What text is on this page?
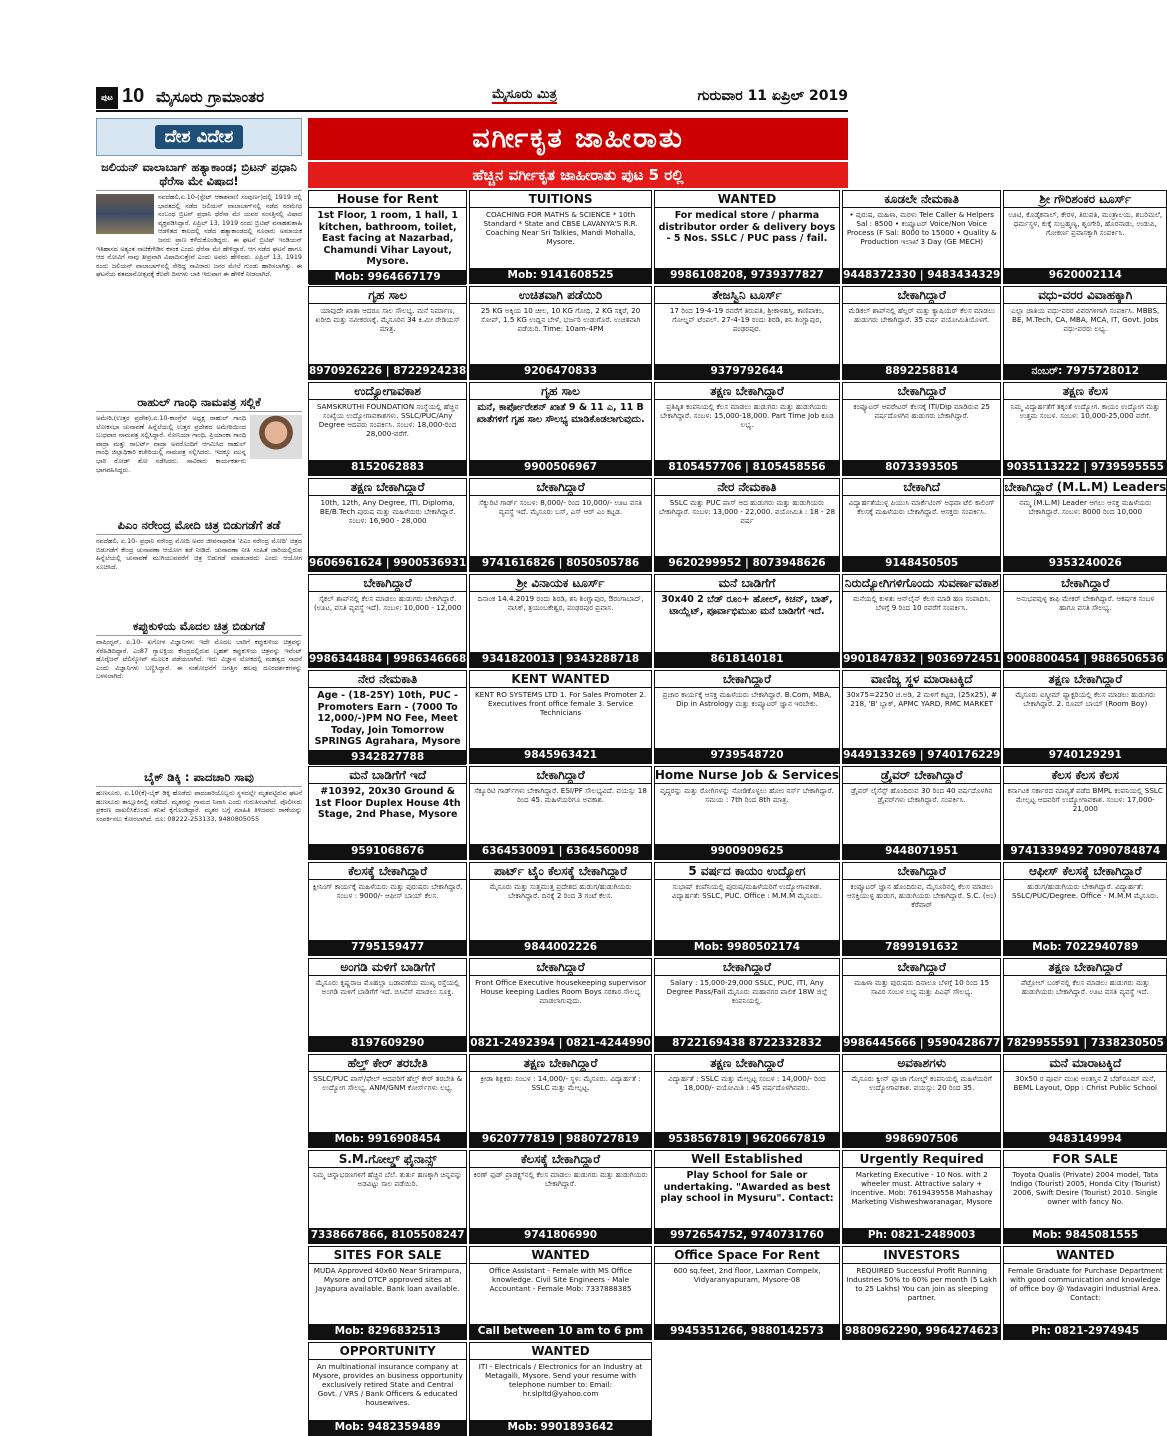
ಪುಟ 10 ಮೈಸೂರು ಗ್ರಾಮಾಂತರ	ಮೈಸೂರು ಮಿತ್ರ	ಗುರುವಾರ 11 ಏಪ್ರಿಲ್ 2019
ದೇಶ ವಿದೇಶ
ಜಲಿಯನ್ ವಾಲಾಬಾಗ್ ಹತ್ಯಾಕಾಂಡ; ಬ್ರಿಟನ್ ಪ್ರಧಾನಿ ಥೆರೆಸಾ ಮೇ ವಿಷಾದ!
ನವದೆಹಲಿ,ಏ.10-(ಸ್ಟೇಟ್ ಆಕಾಶವಾಣಿ ಸಂಪುರ್ಣ)ದಲ್ಲಿ 1919 ರಲ್ಲಿ ಭಾರತದಲ್ಲಿ ನಡೆದ ಜಲಿಯನ್ ವಾಲಾಬಾಗ್‌ನಲ್ಲಿ ನಡೆದ ನರಮೇಧ ಸಂಬಂಧ ಬ್ರಿಟನ್ ಪ್ರಧಾನಿ ಥೆರೆಸಾ ಮೇ ಯವರ ಸಂಸತ್ತಿನಲ್ಲಿ ವಿಷಾದ ವ್ಯಕ್ತಪಡಿಸಿದ್ದಾರೆ. ಏಪ್ರಿಲ್ 13, 1919 ರಂದು ಬ್ರಿಟಿಷ್ ವಸಾಹತುಶಾಹಿ ಆಡಳಿತದ ಕಾಲದಲ್ಲಿ ನಡೆದ ಹತ್ಯಾಕಾಂಡದಲ್ಲಿ ನೂರಾರು ಅಮಾಯಕ ಜನರು ಪ್ರಾಣ ಕಳೆದುಕೊಂಡಿದ್ದರು. ಈ ಘಟನೆ ಬ್ರಿಟಿಷ್ ಇಂಡಿಯನ್ ಇತಿಹಾಸದ ಅತ್ಯಂತ ನಾಚಿಕೆಗೇಡಿನ ಕಳಂಕ ಎಂದು ಥೆರೆಸಾ ಮೇ ಹೇಳಿದ್ದಾರೆ. ಆಗ ನಡೆದ ಘಟನೆ ಹಾಗೂ ಆದ ನೋವಿಗೆ ನಾವು ತೀವ್ರವಾಗಿ ವಿಷಾದಿಸುತ್ತೇವೆ ಎಂದು ಅವರು ಹೇಳಿದರು. ಏಪ್ರಿಲ್ 13, 1919 ರಂದು ಜಲಿಯನ್ ವಾಲಾಬಾಗ್‌ನಲ್ಲಿ ಸೇರಿದ್ದ ಸಾವಿರಾರು ಜನರ ಮೇಲೆ ಗುಂಡು ಹಾರಿಸಲಾಗಿತ್ತು. ಈ ಘಟನೆಯ ಶತಮಾನೋತ್ಸವಕ್ಕೆ ಕೆಲವೇ ದಿನಗಳು ಬಾಕಿ ಇರುವಾಗ ಈ ಹೇಳಿಕೆ ನೀಡಲಾಗಿದೆ.
ರಾಹುಲ್ ಗಾಂಧಿ ನಾಮಪತ್ರ ಸಲ್ಲಿಕೆ
ಅಮೇಠಿ,(ಉತ್ತರ ಪ್ರದೇಶ),ಏ.10-ಕಾಂಗ್ರೆಸ್ ಅಧ್ಯಕ್ಷ ರಾಹುಲ್ ಗಾಂಧಿ ಲೋಕಸಭಾ ಚುನಾವಣೆ ಹಿನ್ನೆಲೆಯಲ್ಲಿ ಉತ್ತರ ಪ್ರದೇಶದ ಅಮೇಠಿಯಿಂದ ಬುಧವಾರ ನಾಮಪತ್ರ ಸಲ್ಲಿಸಿದ್ದಾರೆ. ಸೋನಿಯಾ ಗಾಂಧಿ, ಪ್ರಿಯಾಂಕಾ ಗಾಂಧಿ ವಾದ್ರಾ ಮತ್ತು ರಾಬರ್ಟ್ ವಾದ್ರಾ ಅವರೊಂದಿಗೆ ಆಗಮಿಸಿದ ರಾಹುಲ್ ಗಾಂಧಿ ಜಿಲ್ಲಾಧಿಕಾರಿ ಕಚೇರಿಯಲ್ಲಿ ನಾಮಪತ್ರ ಸಲ್ಲಿಸಿದರು. ಇದಕ್ಕೂ ಮುನ್ನ ಭಾರಿ ರೋಡ್ ಶೋ ನಡೆಸಿದರು. ಸಾವಿರಾರು ಕಾರ್ಯಕರ್ತರು ಭಾಗವಹಿಸಿದ್ದರು.
ಪಿಎಂ ನರೇಂದ್ರ ಮೋದಿ ಚಿತ್ರ ಬಿಡುಗಡೆಗೆ ತಡೆ
ನವದೆಹಲಿ, ಏ.10- ಪ್ರಧಾನಿ ನರೇಂದ್ರ ಮೋದಿ ಅವರ ಜೀವನಾಧಾರಿತ 'ಪಿಎಂ ನರೇಂದ್ರ ಮೋದಿ' ಚಿತ್ರದ ಬಿಡುಗಡೆಗೆ ಕೇಂದ್ರ ಚುನಾವಣಾ ಆಯೋಗ ತಡೆ ನೀಡಿದೆ. ಚುನಾವಣಾ ನೀತಿ ಸಂಹಿತೆ ಜಾರಿಯಲ್ಲಿರುವ ಹಿನ್ನೆಲೆಯಲ್ಲಿ ಚುನಾವಣೆ ಮುಗಿಯುವವರೆಗೆ ಚಿತ್ರ ಬಿಡುಗಡೆ ಮಾಡಬಾರದು ಎಂದು ಆಯೋಗ ಸೂಚಿಸಿದೆ.
ಕಪ್ಪುಕುಳಿಯ ಮೊದಲ ಚಿತ್ರ ಬಿಡುಗಡೆ
ವಾಷಿಂಗ್ಟನ್, ಏ.10- ಖಗೋಳ ವಿಜ್ಞಾನಿಗಳು ಇದೇ ಮೊದಲ ಬಾರಿಗೆ ಕಪ್ಪುಕುಳಿಯ ಚಿತ್ರವನ್ನು ಸೆರೆಹಿಡಿದಿದ್ದಾರೆ. ಎಂ87 ಗ್ಯಾಲಕ್ಸಿಯ ಕೇಂದ್ರದಲ್ಲಿರುವ ಬೃಹತ್ ಕಪ್ಪುಕುಳಿಯ ಚಿತ್ರವನ್ನು ಇವೆಂಟ್ ಹೊರೈಜನ್ ಟೆಲಿಸ್ಕೋಪ್ ಮೂಲಕ ಪಡೆಯಲಾಗಿದೆ. ಇದು ವಿಜ್ಞಾನ ಲೋಕದಲ್ಲಿ ಮಹತ್ವದ ಸಾಧನೆ ಎಂದು ವಿಜ್ಞಾನಿಗಳು ಬಣ್ಣಿಸಿದ್ದಾರೆ. ಈ ಸಂಶೋಧನೆಗೆ ಜಗತ್ತಿನ ಹಲವು ದೂರದರ್ಶಕಗಳನ್ನು ಬಳಸಲಾಗಿದೆ.
ಬೈಕ್ ಡಿಕ್ಕಿ : ಪಾದಚಾರಿ ಸಾವು
ಹುಣಸೂರು, ಏ.10(ಕೆ)-ಬೈಕ್ ಡಿಕ್ಕಿ ಹೊಡೆದು ಪಾದಚಾರಿಯೊಬ್ಬರು ಸ್ಥಳದಲ್ಲೇ ಮೃತಪಟ್ಟಿರುವ ಘಟನೆ ಹುಣಸೂರು ತಾಲ್ಲೂಕಿನಲ್ಲಿ ನಡೆದಿದೆ. ಮೃತರನ್ನು ಗ್ರಾಮದ ನಿವಾಸಿ ಎಂದು ಗುರುತಿಸಲಾಗಿದೆ. ಪೊಲೀಸರು ಪ್ರಕರಣ ದಾಖಲಿಸಿಕೊಂಡು ತನಿಖೆ ಕೈಗೊಂಡಿದ್ದಾರೆ. ಮೃತರ ಬಗ್ಗೆ ಮಾಹಿತಿ ತಿಳಿದವರು ಠಾಣೆಯನ್ನು ಸಂಪರ್ಕಿಸಲು ಕೋರಲಾಗಿದೆ. ದೂ: 08222-253133, 9480805055
ವರ್ಗೀಕೃತ ಜಾಹೀರಾತು
ಹೆಚ್ಚಿನ ವರ್ಗೀಕೃತ ಜಾಹೀರಾತು ಪುಟ 5 ರಲ್ಲಿ
House for Rent
1st Floor, 1 room, 1 hall, 1 kitchen, bathroom, toilet, East facing at Nazarbad, Chamundi Vihar Layout, Mysore.
Mob: 9964667179
TUITIONS
COACHING FOR MATHS & SCIENCE * 10th Standard * State and CBSE LAVANYA'S R.R. Coaching Near Sri Talkies, Mandi Mohalla, Mysore.
Mob: 9141608525
WANTED
For medical store / pharma distributor order & delivery boys - 5 Nos. SSLC / PUC pass / fail.
9986108208, 9739377827
ಕೂಡಲೇ ನೇಮಕಾತಿ
• ಪುರುಷ, ಮಹಿಳಾ, ಮರಳು Tele Caller & Helpers Sal : 8500 • ಕಂಪ್ಯೂಟರ್ Voice/Non Voice Process (F Sal: 8000 to 15000 • Quality & Production ಇಲಾಖೆ 3 Day (GE MECH)
9448372330 | 9483434329
ಶ್ರೀ ಗೌರಿಶಂಕರ ಟೂರ್ಸ್
ಊಟಿ, ಕೊಡೈಕನಾಲ್, ಕೇರಳ, ತಿರುಪತಿ, ಮಂತ್ರಾಲಯ, ಶಬರಿಮಲೆ, ಧರ್ಮಸ್ಥಳ, ಕುಕ್ಕೆ ಸುಬ್ರಹ್ಮಣ್ಯ, ಶೃಂಗೇರಿ, ಹೊರನಾಡು, ಉಡುಪಿ, ಗೋಕರ್ಣ ಪ್ರವಾಸಕ್ಕಾಗಿ ಸಂಪರ್ಕಿಸಿ.
9620002114
ಗೃಹ ಸಾಲ
ಯಾವುದೇ ಖಾತಾ ಆದರೂ ಸಾಲ ಸೌಲಭ್ಯ. ಮನೆ ನಿರ್ಮಾಣ, ಖರೀದಿ ಮತ್ತು ನವೀಕರಣಕ್ಕೆ. ಮೈಸೂರಿನ 34 ಕಿ.ಮೀ ರೇಡಿಯಸ್ ಮಾತ್ರ.
8970926226 | 8722924238
ಉಚಿತವಾಗಿ ಪಡೆಯಿರಿ
25 KG ಅಕ್ಕಿಯ 10 ಚೀಲ, 10 KG ಗೋಧಿ, 2 KG ಸಕ್ಕರೆ, 20 ಸೋಪ್, 1.5 KG ಉದ್ದಿನ ಬೇಳೆ, ಭರ್ಜರಿ ಉಡುಗೊರೆ. ಉಚಿತವಾಗಿ ಪಡೆಯಿರಿ. Time: 10am-4PM
9206470833
ತೇಜಸ್ವಿನಿ ಟೂರ್ಸ್
17 ರಿಂದ 19-4-19 ರವರೆಗೆ ತಿರುಪತಿ, ಶ್ರೀಕಾಳಹಸ್ತಿ, ಕಾಣಿಪಾಕಂ, ಗೋಲ್ಡನ್ ಟೆಂಪಲ್. 27-4-19 ರಂದು ಶಿರಡಿ, ಶನಿ ಶಿಂಗ್ಣಾಪುರ, ಪಂಢರಪುರ.
9379792644
ಬೇಕಾಗಿದ್ದಾರೆ
ಮೆಡಿಕಲ್ ಶಾಪ್‌ನಲ್ಲಿ ಹೆಲ್ಪರ್ ಮತ್ತು ಕ್ಯಾಷಿಯರ್ ಕೆಲಸ ಮಾಡಲು ಹುಡುಗರು ಬೇಕಾಗಿದ್ದಾರೆ. 35 ವರ್ಷ ವಯೋಮಿತಿಯೊಳಗೆ.
8892258814
ವಧು-ವರರ ವಿವಾಹಕ್ಕಾಗಿ
ಎಲ್ಲಾ ಜಾತಿಯ ವಧು-ವರರ ವಿವರಗಳಿಗಾಗಿ ಸಂಪರ್ಕಿಸಿ. MBBS, BE, M.Tech, CA, MBA, MCA, IT, Govt. Jobs ವಧು-ವರರು ಲಭ್ಯ.
ನಂಬರ್: 7975728012
ಉದ್ಯೋಗಾವಕಾಶ
SAMSKRUTHI FOUNDATION ಸಂಸ್ಥೆಯಲ್ಲಿ ಹೆಚ್ಚಿನ ಸಂಖ್ಯೆಯ ಉದ್ಯೋಗಾವಕಾಶಗಳು. SSLC/PUC/Any Degree ಆದವರು ಸಂಪರ್ಕಿಸಿ. ಸಂಬಳ: 18,000-ರಿಂದ 28,000-ವರೆಗೆ.
8152062883
ಗೃಹ ಸಾಲ
ಮನೆ, ಕಾರ್ಪೋರೇಶನ್ ಖಾತೆ 9 & 11 ಎ, 11 B ಖಾತೆಗಳಿಗೆ ಗೃಹ ಸಾಲ ಸೌಲಭ್ಯ ಮಾಡಿಕೊಡಲಾಗುವುದು.
9900506967
ತಕ್ಷಣ ಬೇಕಾಗಿದ್ದಾರೆ
ಪ್ರತಿಷ್ಠಿತ ಕಂಪನಿಯಲ್ಲಿ ಕೆಲಸ ಮಾಡಲು ಹುಡುಗರು ಮತ್ತು ಹುಡುಗಿಯರು ಬೇಕಾಗಿದ್ದಾರೆ. ಸಂಬಳ: 15,000-18,000. Part Time Job ಕೂಡ ಲಭ್ಯ.
8105457706 | 8105458556
ಬೇಕಾಗಿದ್ದಾರೆ
ಕಂಪ್ಯೂಟರ್ ಆಪರೇಟರ್ ಕೆಲಸಕ್ಕೆ ITI/Dip ಮಾಡಿರುವ 25 ವರ್ಷದೊಳಗಿನ ಹುಡುಗರು ಬೇಕಾಗಿದ್ದಾರೆ.
8073393505
ತಕ್ಷಣ ಕೆಲಸ
ನಿಮ್ಮ ವಿದ್ಯಾರ್ಹತೆಗೆ ತಕ್ಕಂತೆ ಉದ್ಯೋಗ. ಕಾಯಂ ಉದ್ಯೋಗ ಮತ್ತು ಉತ್ತಮ ಸಂಬಳ. ಸಂಬಳ: 10,000-25,000 ವರೆಗೆ.
9035113222 | 9739595555
ತಕ್ಷಣ ಬೇಕಾಗಿದ್ದಾರೆ
10th, 12th, Any Degree, ITI, Diploma, BE/B.Tech ಪುರುಷ ಮತ್ತು ಮಹಿಳೆಯರು ಬೇಕಾಗಿದ್ದಾರೆ. ಸಂಬಳ: 16,900 - 28,000
9606961624 | 9900536931
ಬೇಕಾಗಿದ್ದಾರೆ
ಸೆಕ್ಯುರಿಟಿ ಗಾರ್ಡ್ ಸಂಬಳ: 8,000/- ರಿಂದ 10,000/- ಊಟ ವಸತಿ ವ್ಯವಸ್ಥೆ ಇದೆ. ಮೈಸೂರು ಬಸ್, ಎಸ್ ಆರ್ ಎಂ ಕಟ್ಟಡ.
9741616826 | 8050505786
ನೇರ ನೇಮಕಾತಿ
SSLC ಮತ್ತು PUC ಪಾಸ್ ಆದ ಹುಡುಗರು ಮತ್ತು ಹುಡುಗಿಯರು ಬೇಕಾಗಿದ್ದಾರೆ. ಸಂಬಳ: 13,000 - 22,000. ವಯೋಮಿತಿ : 18 - 28 ವರ್ಷ
9620299952 | 8073948626
ಬೇಕಾಗಿದೆ
ವಿದ್ಯಾರ್ಹತೆಯುಳ್ಳ ಪಿಯುಸಿ ಮಾರ್ಕೆಟಿಂಗ್ ಅಥವಾ ಟೆಲಿ ಕಾಲಿಂಗ್ ಕೆಲಸಕ್ಕೆ ಮಹಿಳೆಯರು ಬೇಕಾಗಿದ್ದಾರೆ. ಆಸಕ್ತರು ಸಂಪರ್ಕಿಸಿ.
9148450505
ಬೇಕಾಗಿದ್ದಾರೆ (M.L.M) Leaders
ನಮ್ಮ (M.L.M) Leader ಆಗಲು ಆಸಕ್ತ ಮಹಿಳೆಯರು ಬೇಕಾಗಿದ್ದಾರೆ. ಸಂಬಳ: 8000 ರಿಂದ 10,000
9353240026
ಬೇಕಾಗಿದ್ದಾರೆ
ಸೈಕಲ್ ಶಾಪ್‌ನಲ್ಲಿ ಕೆಲಸ ಮಾಡಲು ಹುಡುಗರು ಬೇಕಾಗಿದ್ದಾರೆ. (ಊಟ, ವಸತಿ ವ್ಯವಸ್ಥೆ ಇದೆ). ಸಂಬಳ: 10,000 - 12,000
9986344884 | 9986346668
ಶ್ರೀ ವಿನಾಯಕ ಟೂರ್ಸ್
ದಿನಾಂಕ 14.4.2019 ರಂದು ಶಿರಡಿ, ಶನಿ ಶಿಂಗ್ಣಾಪುರ, ಔರಂಗಾಬಾದ್, ನಾಸಿಕ್, ತ್ರಯಂಬಕೇಶ್ವರ, ಪಂಢರಪುರ ಪ್ರವಾಸ.
9341820013 | 9343288718
ಮನೆ ಬಾಡಿಗೆಗೆ
30x40 2 ಬೆಡ್ ರೂಂ+ ಹೋಲ್, ಕಿಚನ್, ಬಾತ್, ಟಾಯ್ಲೆಟ್, ಪೂರ್ವಾಭಿಮುಖ ಮನೆ ಬಾಡಿಗೆಗೆ ಇದೆ.
8618140181
ನಿರುದ್ಯೋಗಿಗಳಿಗೊಂದು ಸುವರ್ಣಾವಕಾಶ
ಮನೆಯಲ್ಲಿ ಕುಳಿತು ಆನ್‌ಲೈನ್ ಕೆಲಸ ಮಾಡಿ ಹಣ ಸಂಪಾದಿಸಿ. ಬೆಳಗ್ಗೆ 9 ರಿಂದ 10 ರವರೆಗೆ ಸಂಪರ್ಕಿಸಿ.
9901847832 | 9036972451
ಬೇಕಾಗಿದ್ದಾರೆ
ಅನುಭವವುಳ್ಳ ಕಾಫಿ ಮೇಕರ್ ಬೇಕಾಗಿದ್ದಾರೆ. ಆಕರ್ಷಕ ಸಂಬಳ ಹಾಗೂ ವಸತಿ ಸೌಲಭ್ಯ.
9008800454 | 9886506536
ನೇರ ನೇಮಕಾತಿ
Age - (18-25Y) 10th, PUC - Promoters Earn - (7000 To 12,000/-)PM NO Fee, Meet Today, Join Tomorrow SPRINGS Agrahara, Mysore
9342827788
KENT WANTED
KENT RO SYSTEMS LTD 1. For Sales Promoter 2. Executives front office female 3. Service Technicians
9845963421
ಬೇಕಾಗಿದ್ದಾರೆ
ಪ್ರಚಾರ ಕಾರ್ಯಕ್ಕೆ ಆಸಕ್ತ ಮಹಿಳೆಯರು ಬೇಕಾಗಿದ್ದಾರೆ. B.Com, MBA, Dip in Astrology ಮತ್ತು ಕಂಪ್ಯೂಟರ್ ಜ್ಞಾನ ಇರಬೇಕು.
9739548720
ವಾಣಿಜ್ಯ ಸ್ಥಳ ಮಾರಾಟಕ್ಕಿದೆ
30x75=2250 ಚ.ಅಡಿ, 2 ಮಳಿಗೆ ಕಟ್ಟಡ, (25x25), # 218, 'B' ಬ್ಲಾಕ್, APMC YARD, RMC MARKET
9449133269 | 9740176229
ತಕ್ಷಣ ಬೇಕಾಗಿದ್ದಾರೆ
ಮೈಸೂರು ಐಸ್ಕ್ರೀಮ್ ಫ್ಯಾಕ್ಟರಿಯಲ್ಲಿ ಕೆಲಸ ಮಾಡಲು ಹುಡುಗರು ಬೇಕಾಗಿದ್ದಾರೆ. 2. ರೂಮ್ ಬಾಯ್ (Room Boy)
9740129291
ಮನೆ ಬಾಡಿಗೆಗೆ ಇದೆ
#10392, 20x30 Ground & 1st Floor Duplex House 4th Stage, 2nd Phase, Mysore
9591068676
ಬೇಕಾಗಿದ್ದಾರೆ
ಸೆಕ್ಯೂರಿಟಿ ಗಾರ್ಡ್‌ಗಳು ಬೇಕಾಗಿದ್ದಾರೆ. ESI/PF ಸೌಲಭ್ಯವಿದೆ. ವಯಸ್ಸು 18 ರಿಂದ 45. ಮಹಿಳೆಯರಿಗೂ ಅವಕಾಶ.
6364530091 | 6364560098
Home Nurse Job & Services
ವೃದ್ಧರನ್ನು ಮತ್ತು ರೋಗಿಗಳನ್ನು ನೋಡಿಕೊಳ್ಳಲು ಹೋಂ ನರ್ಸ್ ಬೇಕಾಗಿದ್ದಾರೆ. ಸಮಯ : 7th ರಿಂದ 8th ಮಾತ್ರ.
9900909625
ಡ್ರೈವರ್ ಬೇಕಾಗಿದ್ದಾರೆ
ಡ್ರೈವರ್ ಲೈಸೆನ್ಸ್ ಹೊಂದಿರುವ 30 ರಿಂದ 40 ವರ್ಷದೊಳಗಿನ ಡ್ರೈವರ್‌ಗಳು ಬೇಕಾಗಿದ್ದಾರೆ. ಸಂಪರ್ಕಿಸಿ.
9448071951
ಕೆಲಸ ಕೆಲಸ ಕೆಲಸ
ಕರ್ನಾಟಕ ಸರ್ಕಾರದ ಮಾನ್ಯತೆ ಪಡೆದ BMPL ಕಂಪನಿಯಲ್ಲಿ SSLC ಮೇಲ್ಪಟ್ಟ ಆದವರಿಗೆ ಉದ್ಯೋಗಾವಕಾಶ. ಸಂಬಳ: 17,000-21,000
9741339492 7090784874
ಕೆಲಸಕ್ಕೆ ಬೇಕಾಗಿದ್ದಾರೆ
ಕ್ಲೀನಿಂಗ್ ಕಾರ್ಯಕ್ಕೆ ಮಹಿಳೆಯರು ಮತ್ತು ಪುರುಷರು ಬೇಕಾಗಿದ್ದಾರೆ. ಸಂಬಳ : 9000/- ಆಫೀಸ್ ಬಾಯ್ ಕೆಲಸ.
7795159477
ಪಾರ್ಟ್ ಟೈಂ ಕೆಲಸಕ್ಕೆ ಬೇಕಾಗಿದ್ದಾರೆ
ಮೈಸೂರು ಮತ್ತು ಸುತ್ತಮುತ್ತ ಪ್ರದೇಶದ ಹುಡುಗ/ಹುಡುಗಿಯರು ಬೇಕಾಗಿದ್ದಾರೆ. ದಿನಕ್ಕೆ 2 ರಿಂದ 3 ಗಂಟೆ ಕೆಲಸ.
9844002226
5 ವರ್ಷದ ಕಾಯಂ ಉದ್ಯೋಗ
ಸುಭಾಷ್ ಕಂಪೆನಿಯಲ್ಲಿ ಪುರುಷ/ಮಹಿಳೆಯರಿಗೆ ಉದ್ಯೋಗಾವಕಾಶ. ವಿದ್ಯಾರ್ಹತೆ: SSLC, PUC. Office : M.M.M ಮೈಸೂರು.
Mob: 9980502174
ಬೇಕಾಗಿದ್ದಾರೆ
ಕಂಪ್ಯೂಟರ್ ಜ್ಞಾನ ಹೊಂದಿರುವ, ಮೈಸೂರಿನಲ್ಲಿ ಕೆಲಸ ಮಾಡಲು ಆಸಕ್ತಿಯುಳ್ಳ ಹುಡುಗ, ಹುಡುಗಿಯರು ಬೇಕಾಗಿದ್ದಾರೆ. S.C. (ಅಂ) ಕೆರೆವಾರ್
7899191632
ಆಫೀಸ್ ಕೆಲಸಕ್ಕೆ ಬೇಕಾಗಿದ್ದಾರೆ
ಹುಡುಗ/ಹುಡುಗಿಯರು ಬೇಕಾಗಿದ್ದಾರೆ. ವಿದ್ಯಾರ್ಹತೆ: SSLC/PUC/Degree. Office - M.M.M ಮೈಸೂರು.
Mob: 7022940789
ಅಂಗಡಿ ಮಳಿಗೆ ಬಾಡಿಗೆಗೆ
ಮೈಸೂರು ಕೃಷ್ಣರಾಜ ಮೊಹಲ್ಲಾ ಬಡಾವಣೆಯ ಮುಖ್ಯ ರಸ್ತೆಯಲ್ಲಿ ಅಂಗಡಿ ಮಳಿಗೆ ಬಾಡಿಗೆಗೆ ಇದೆ. ಬಿಸಿನೆಸ್ ಮಾಡಲು ಸೂಕ್ತ.
8197609290
ಬೇಕಾಗಿದ್ದಾರೆ
Front Office Executive housekeeping supervisor House keeping Ladies Room Boys ಸರಕಾರ ಸೌಲಭ್ಯ ಮಾಡಲಾಗುವುದು.
0821-2492394 | 0821-4244990
ಬೇಕಾಗಿದ್ದಾರೆ
Salary : 15,000-29,000 SSLC, PUC, ITI, Any Degree Pass/Fail ಮೈಸೂರು ಮಹಾನಗರ ಪಾಲಿಕೆ 18W ಜಿಲ್ಲೆ ಕಂಪನಿಯಲ್ಲಿ.
8722169438 8722332832
ಬೇಕಾಗಿದ್ದಾರೆ
ಮಹಿಳಾ ಮತ್ತು ಪುರುಷರು ದಿನಾಲೂ ಬೆಳಗ್ಗೆ 10 ರಿಂದ 15 ಸಾವಿರ ಸಂಬಳ ಲಭ್ಯ ಮತ್ತು ಪಿಎಫ್ ಸೌಲಭ್ಯ.
9986445666 | 9590428677
ತಕ್ಷಣ ಬೇಕಾಗಿದ್ದಾರೆ
ಪೆಟ್ರೋಲ್ ಬಂಕ್‌ನಲ್ಲಿ ಕೆಲಸ ಮಾಡಲು ಹುಡುಗರು ಮತ್ತು ಹುಡುಗಿಯರು ಬೇಕಾಗಿದ್ದಾರೆ. ಊಟ ವಸತಿ ವ್ಯವಸ್ಥೆ ಇದೆ.
7829955591 | 7338230505
ಹೆಲ್ತ್ ಕೇರ್ ತರಬೇತಿ
SSLC/PUC ಪಾಸ್/ಫೇಲ್ ಆದವರಿಗೆ ಹೆಲ್ತ್ ಕೇರ್ ತರಬೇತಿ & ಉದ್ಯೋಗ ಸೌಲಭ್ಯ. ANM/GNM ಕೋರ್ಸ್‌ಗಳು ಲಭ್ಯ.
Mob: 9916908454
ತಕ್ಷಣ ಬೇಕಾಗಿದ್ದಾರೆ
ಕ್ರೀಡಾ ಶಿಕ್ಷಕರು ಸಂಬಳ : 14,000/- ಸ್ಥಳ: ಮೈಸೂರು. ವಿದ್ಯಾರ್ಹತೆ : SSLC ಮತ್ತು ಮೇಲ್ಪಟ್ಟ.
9620777819 | 9880727819
ತಕ್ಷಣ ಬೇಕಾಗಿದ್ದಾರೆ
ವಿದ್ಯಾರ್ಹತೆ : SSLC ಮತ್ತು ಮೇಲ್ಪಟ್ಟ ಸಂಬಳ : 14,000/- ರಿಂದ 18,000/- ವಯೋಮಿತಿ : 45 ವರ್ಷದೊಳಗಿನವರು.
9538567819 | 9620667819
ಅವಕಾಶಗಳು
ಮೈಸೂರು ಕ್ವೀನ್ ಪ್ಲಾಜಾ ಗೋಲ್ಡ್ ಕಂಪನಿಯಲ್ಲಿ ಮಹಿಳೆಯರಿಗೆ ಉದ್ಯೋಗಾವಕಾಶ. ವಯಸ್ಸು: 20 ರಿಂದ 35.
9986907506
ಮನೆ ಮಾರಾಟಕ್ಕಿದೆ
30x50 ರ ಪೂರ್ವ ಮುಖ ಅಂತಸ್ತಿನ 2 ಬೆಡ್‌ರೂಮ್ ಮನೆ, BEML Layout, Opp : Christ Public School
9483149994
S.M.ಗೋಲ್ಡ್ ಫೈನಾನ್ಸ್
ನಿಮ್ಮ ಚಿನ್ನಾಭರಣಗಳಿಗೆ ಹೆಚ್ಚಿನ ಬೆಲೆ. ತುರ್ತು ಹಣಕ್ಕಾಗಿ ಚಿನ್ನವನ್ನು ಅಡವಿಟ್ಟು ಸಾಲ ಪಡೆಯಿರಿ.
7338667866, 8105508247
ಕೆಲಸಕ್ಕೆ ಬೇಕಾಗಿದ್ದಾರೆ
ಕಿರಣ್ ಫುಡ್ ಪ್ರಾಡಕ್ಟ್ಸ್‌ನಲ್ಲಿ ಕೆಲಸ ಮಾಡಲು ಹುಡುಗರು ಮತ್ತು ಹುಡುಗಿಯರು ಬೇಕಾಗಿದ್ದಾರೆ.
9741806990
Well Established
Play School for Sale or undertaking. "Awarded as best play school in Mysuru". Contact:
9972654752, 9740731760
Urgently Required
Marketing Executive - 10 Nos. with 2 wheeler must. Attractive salary + incentive. Mob: 7619439558 Mahashay Marketing Vishweshwaranagar, Mysore
Ph: 0821-2489003
FOR SALE
Toyota Qualis (Private) 2004 model, Tata Indigo (Tourist) 2005, Honda City (Tourist) 2006, Swift Desire (Tourist) 2010. Single owner with fancy No.
Mob: 9845081555
SITES FOR SALE
MUDA Approved 40x60 Near Srirampura, Mysore and DTCP approved sites at Jayapura available. Bank loan available.
Mob: 8296832513
WANTED
Office Assistant - Female with MS Office knowledge. Civil Site Engineers - Male Accountant - Female Mob: 7337888385
Call between 10 am to 6 pm
Office Space For Rent
600 sq.feet, 2nd floor, Laxman Compelx, Vidyaranyapuram, Mysore-08
9945351266, 9880142573
INVESTORS
REQUIRED Successful Profit Running Industries 50% to 60% per month (5 Lakh to 25 Lakhs) You can join as sleeping partner.
9880962290, 9964274623
WANTED
Female Graduate for Purchase Department with good communication and knowledge of office boy @ Yadavagiri Industrial Area. Contact:
Ph: 0821-2974945
OPPORTUNITY
An multinational insurance company at Mysore, provides an business opportunity exclusively retired State and Central Govt. / VRS / Bank Officers & educated housewives.
Mob: 9482359489
WANTED
ITI - Electricals / Electronics for an Industry at Metagalli, Mysore. Send your resume with telephone number to: Email: hr.slpltd@yahoo.com
Mob: 9901893642
